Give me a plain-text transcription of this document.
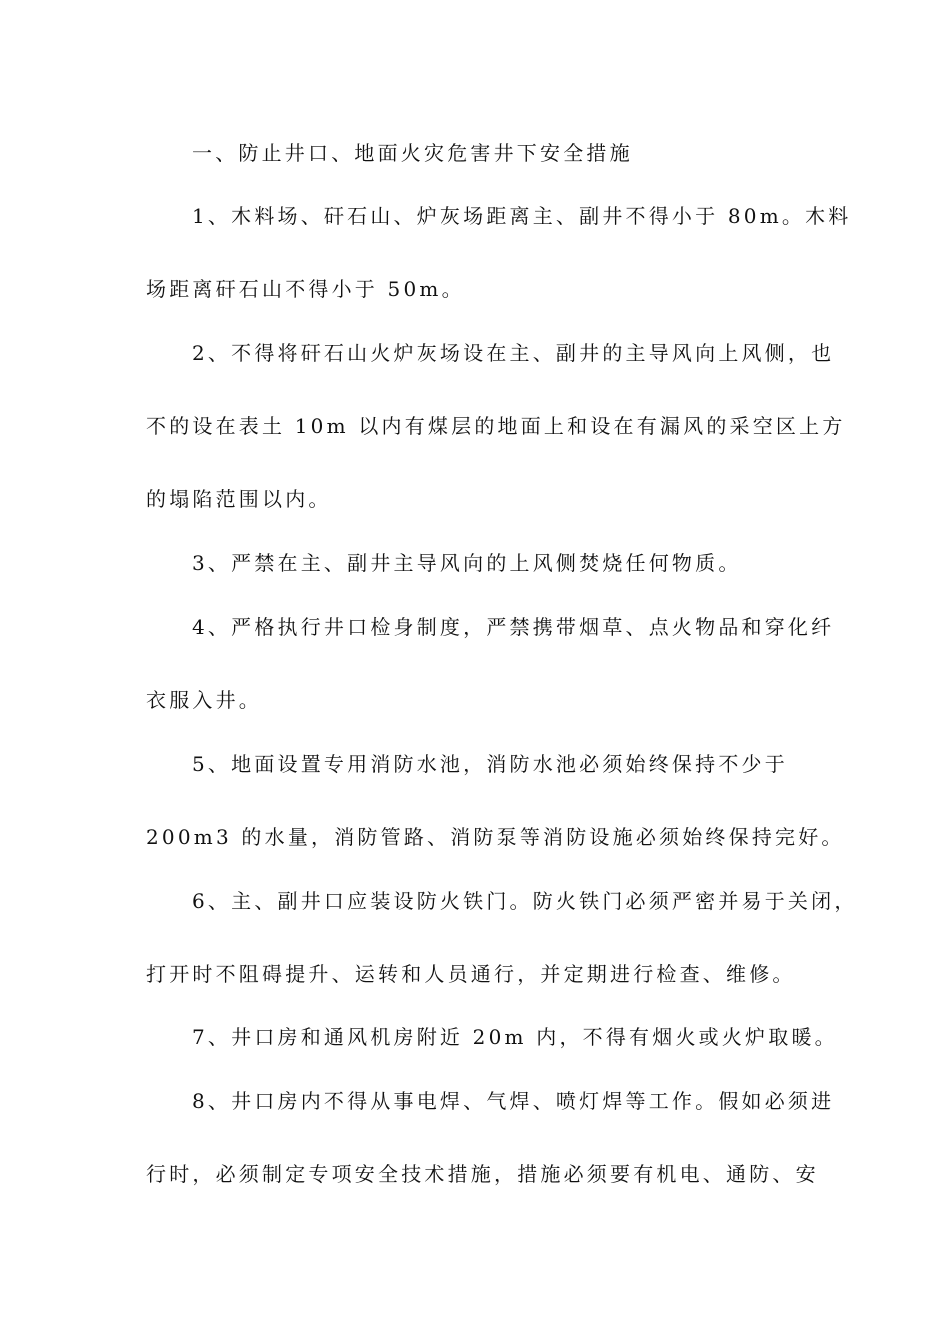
一、防止井口、地面火灾危害井下安全措施
1、木料场、矸石山、炉灰场距离主、副井不得小于 80m。木料
场距离矸石山不得小于 50m。
2、不得将矸石山火炉灰场设在主、副井的主导风向上风侧，也
不的设在表土 10m 以内有煤层的地面上和设在有漏风的采空区上方
的塌陷范围以内。
3、严禁在主、副井主导风向的上风侧焚烧任何物质。
4、严格执行井口检身制度，严禁携带烟草、点火物品和穿化纤
衣服入井。
5、地面设置专用消防水池，消防水池必须始终保持不少于
200m3 的水量，消防管路、消防泵等消防设施必须始终保持完好。
6、主、副井口应装设防火铁门。防火铁门必须严密并易于关闭，
打开时不阻碍提升、运转和人员通行，并定期进行检查、维修。
7、井口房和通风机房附近 20m 内，不得有烟火或火炉取暖。
8、井口房内不得从事电焊、气焊、喷灯焊等工作。假如必须进
行时，必须制定专项安全技术措施，措施必须要有机电、通防、安
